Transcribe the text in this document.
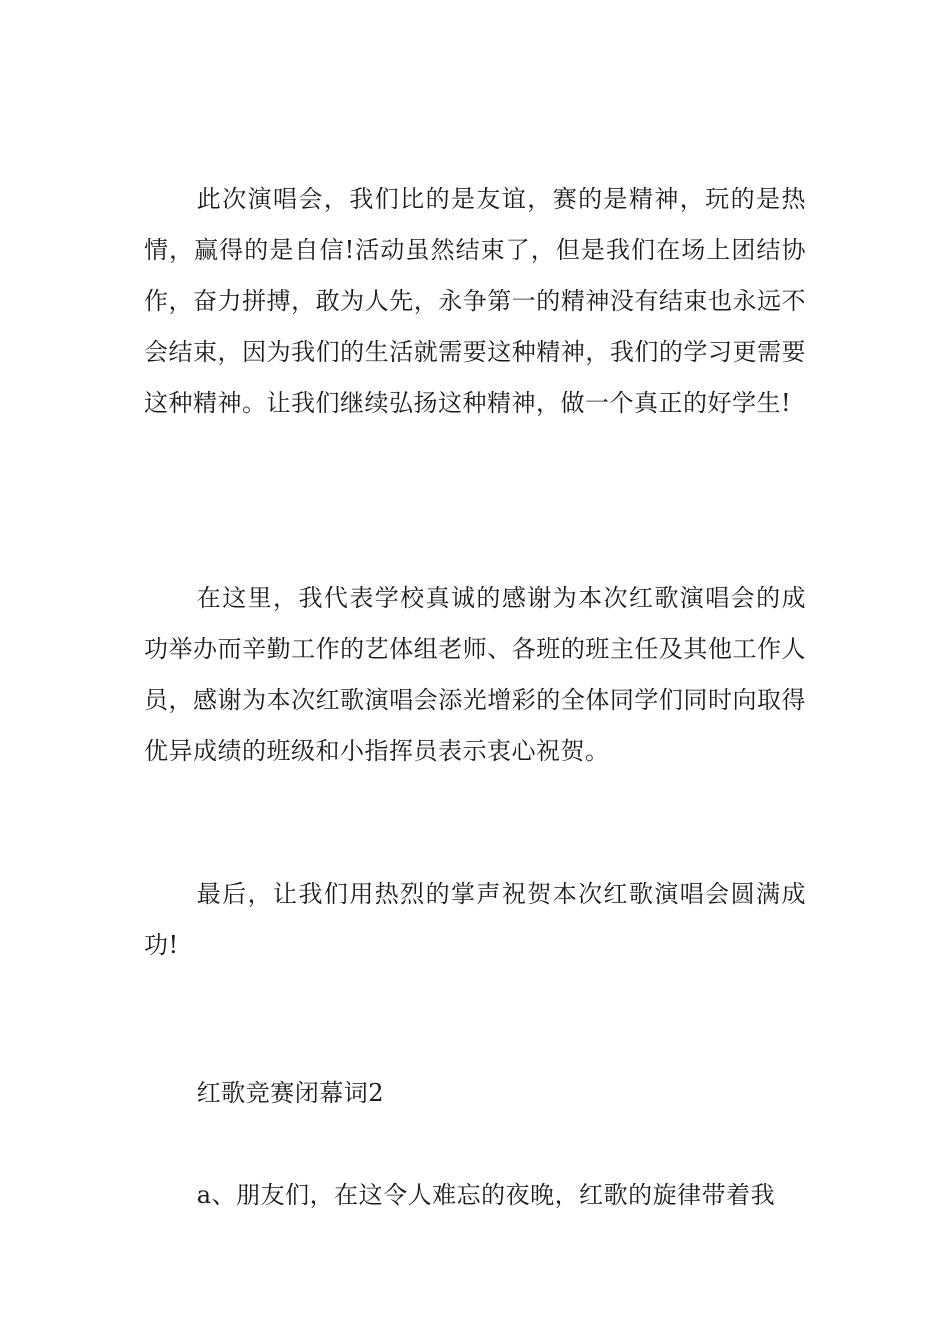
此次演唱会，我们比的是友谊，赛的是精神，玩的是热情，赢得的是自信!活动虽然结束了，但是我们在场上团结协作，奋力拼搏，敢为人先，永争第一的精神没有结束也永远不会结束，因为我们的生活就需要这种精神，我们的学习更需要这种精神。让我们继续弘扬这种精神，做一个真正的好学生!

在这里，我代表学校真诚的感谢为本次红歌演唱会的成功举办而辛勤工作的艺体组老师、各班的班主任及其他工作人员，感谢为本次红歌演唱会添光增彩的全体同学们同时向取得优异成绩的班级和小指挥员表示衷心祝贺。

最后，让我们用热烈的掌声祝贺本次红歌演唱会圆满成功!

红歌竞赛闭幕词2

a、朋友们，在这令人难忘的夜晚，红歌的旋律带着我
